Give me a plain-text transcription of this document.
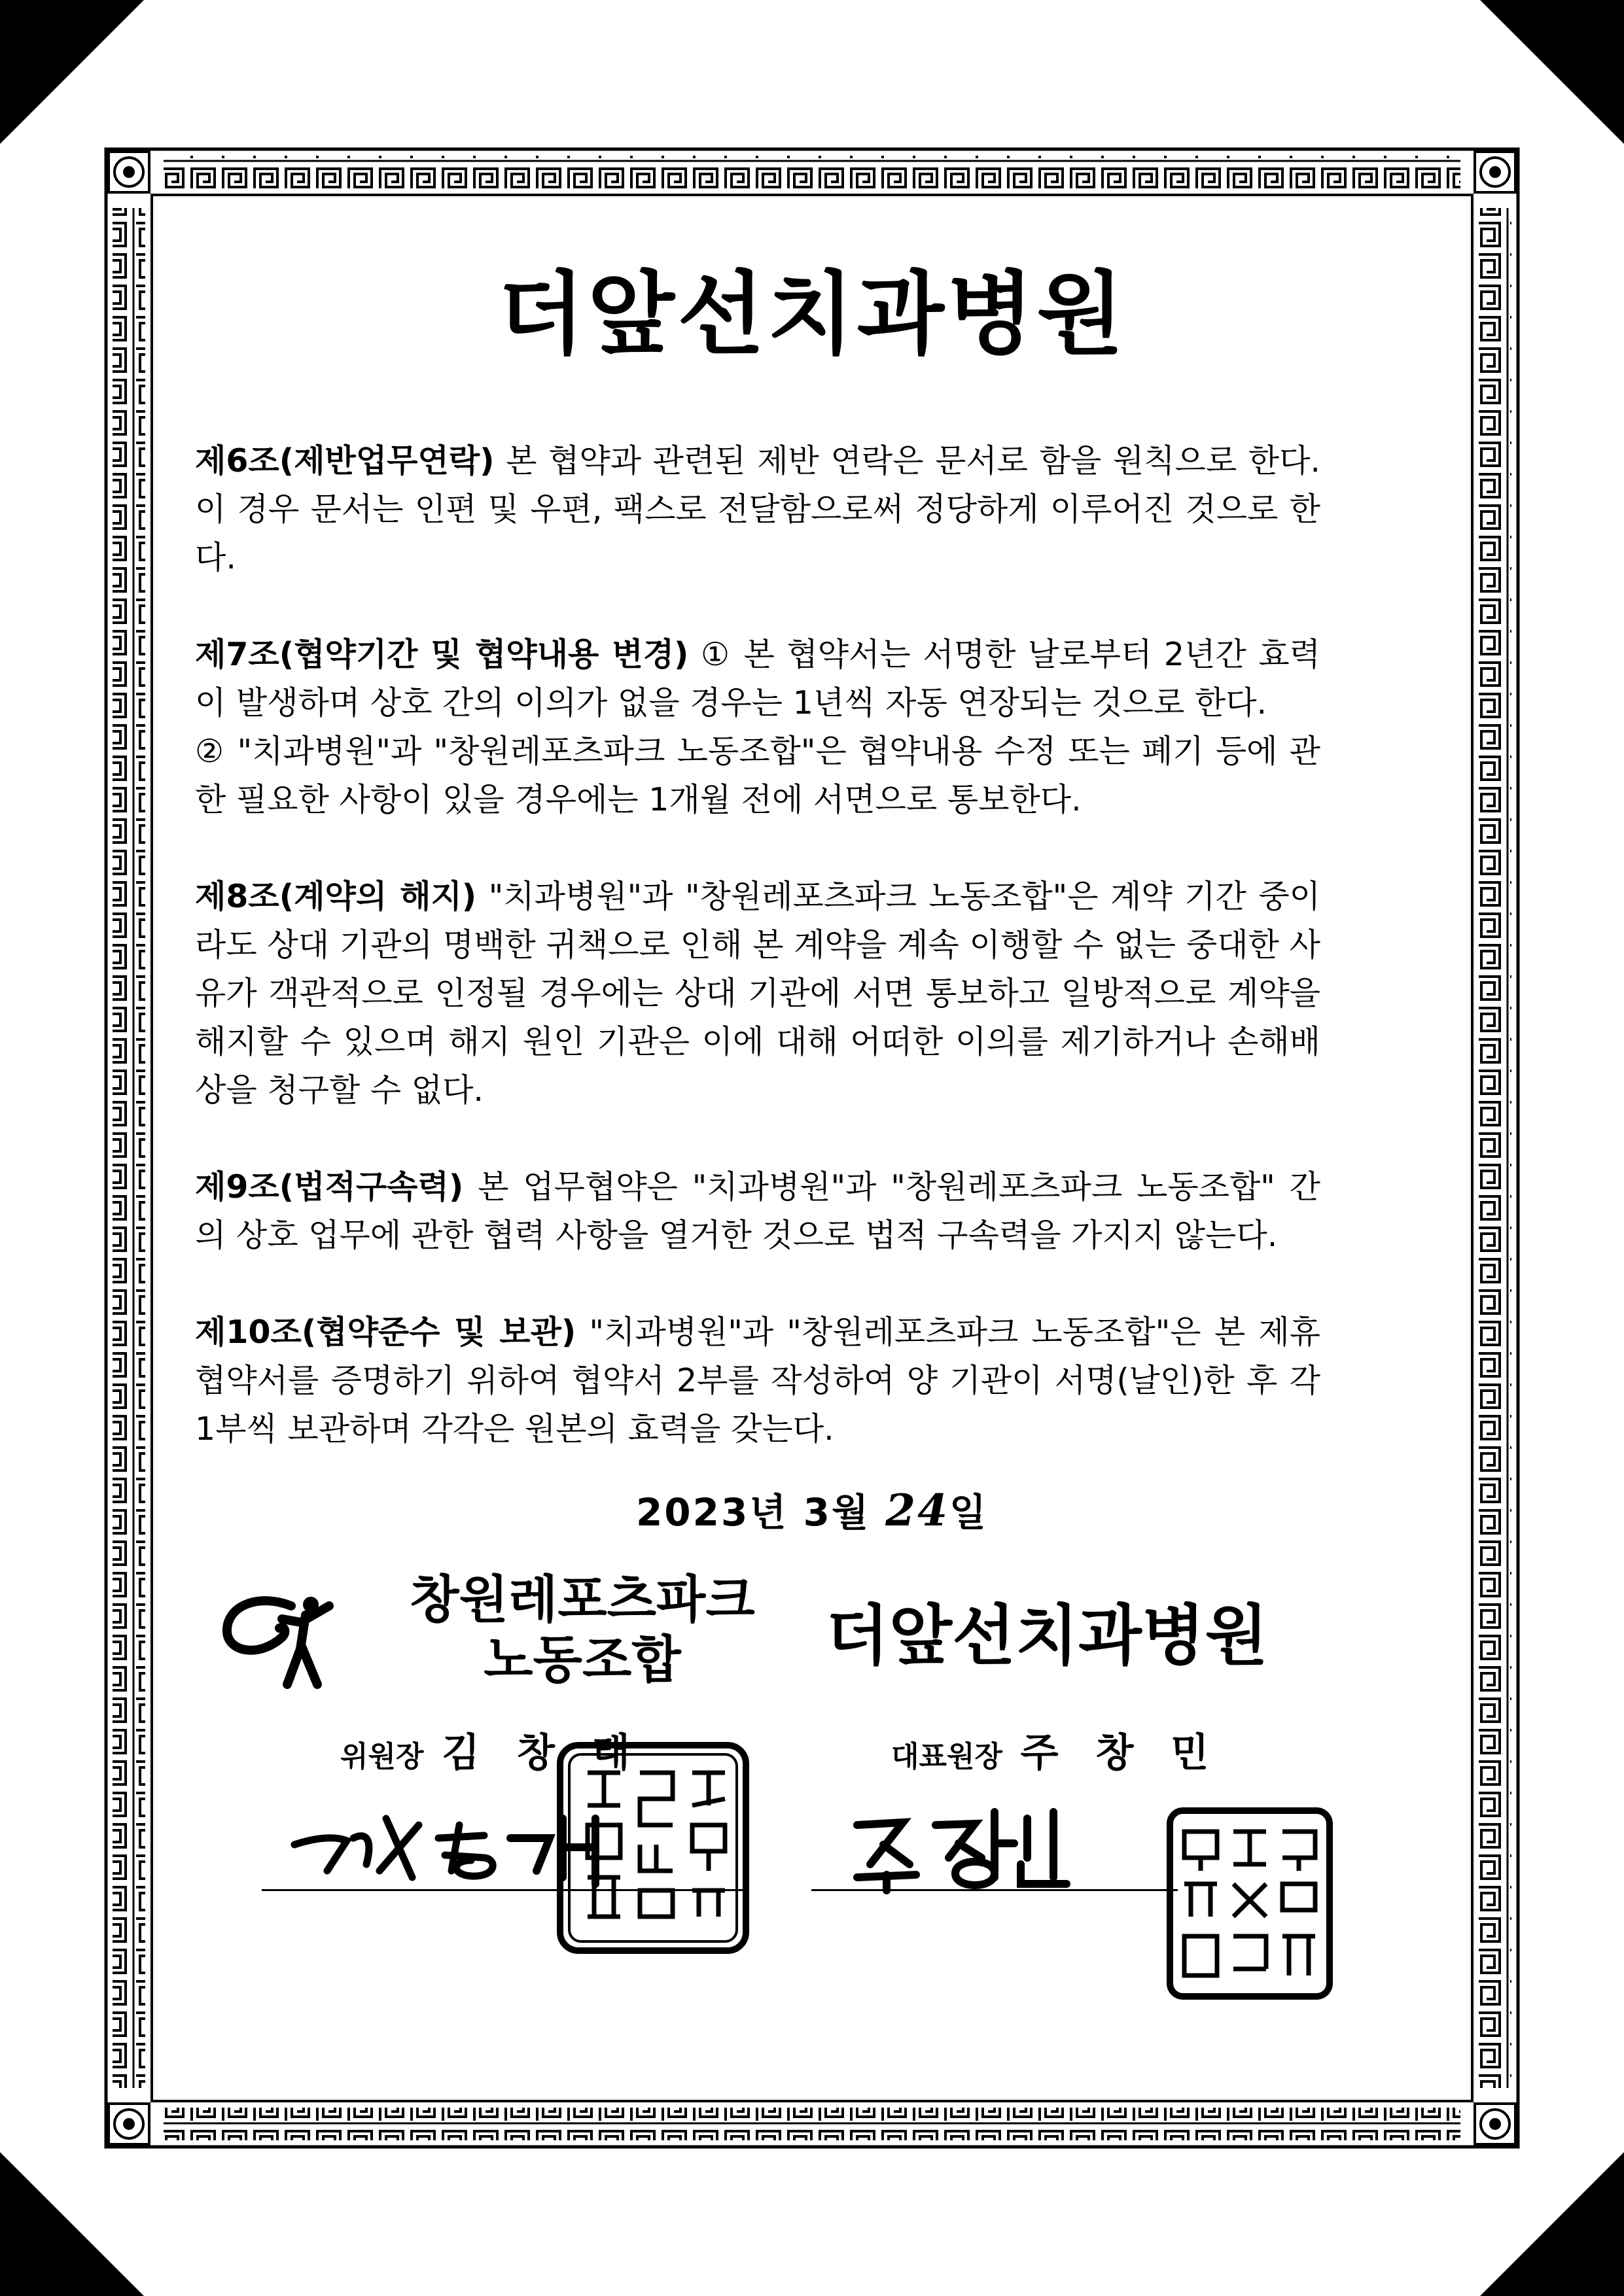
더앞선치과병원

제6조(제반업무연락) 본 협약과 관련된 제반 연락은 문서로 함을 원칙으로 한다. 이 경우 문서는 인편 및 우편, 팩스로 전달함으로써 정당하게 이루어진 것으로 한다.

제7조(협약기간 및 협약내용 변경) ① 본 협약서는 서명한 날로부터 2년간 효력이 발생하며 상호 간의 이의가 없을 경우는 1년씩 자동 연장되는 것으로 한다.

② "치과병원"과 "창원레포츠파크 노동조합"은 협약내용 수정 또는 폐기 등에 관한 필요한 사항이 있을 경우에는 1개월 전에 서면으로 통보한다.

제8조(계약의 해지) "치과병원"과 "창원레포츠파크 노동조합"은 계약 기간 중이라도 상대 기관의 명백한 귀책으로 인해 본 계약을 계속 이행할 수 없는 중대한 사유가 객관적으로 인정될 경우에는 상대 기관에 서면 통보하고 일방적으로 계약을 해지할 수 있으며 해지 원인 기관은 이에 대해 어떠한 이의를 제기하거나 손해배상을 청구할 수 없다.

제9조(법적구속력) 본 업무협약은 "치과병원"과 "창원레포츠파크 노동조합" 간의 상호 업무에 관한 협력 사항을 열거한 것으로 법적 구속력을 가지지 않는다.

제10조(협약준수 및 보관) "치과병원"과 "창원레포츠파크 노동조합"은 본 제휴 협약서를 증명하기 위하여 협약서 2부를 작성하여 양 기관이 서명(날인)한 후 각 1부씩 보관하며 각각은 원본의 효력을 갖는다.

2023년 3월 24일
창원레포츠파크
노동조합	더앞선치과병원
위원장 김 창 태	대표원장 주 창 민
